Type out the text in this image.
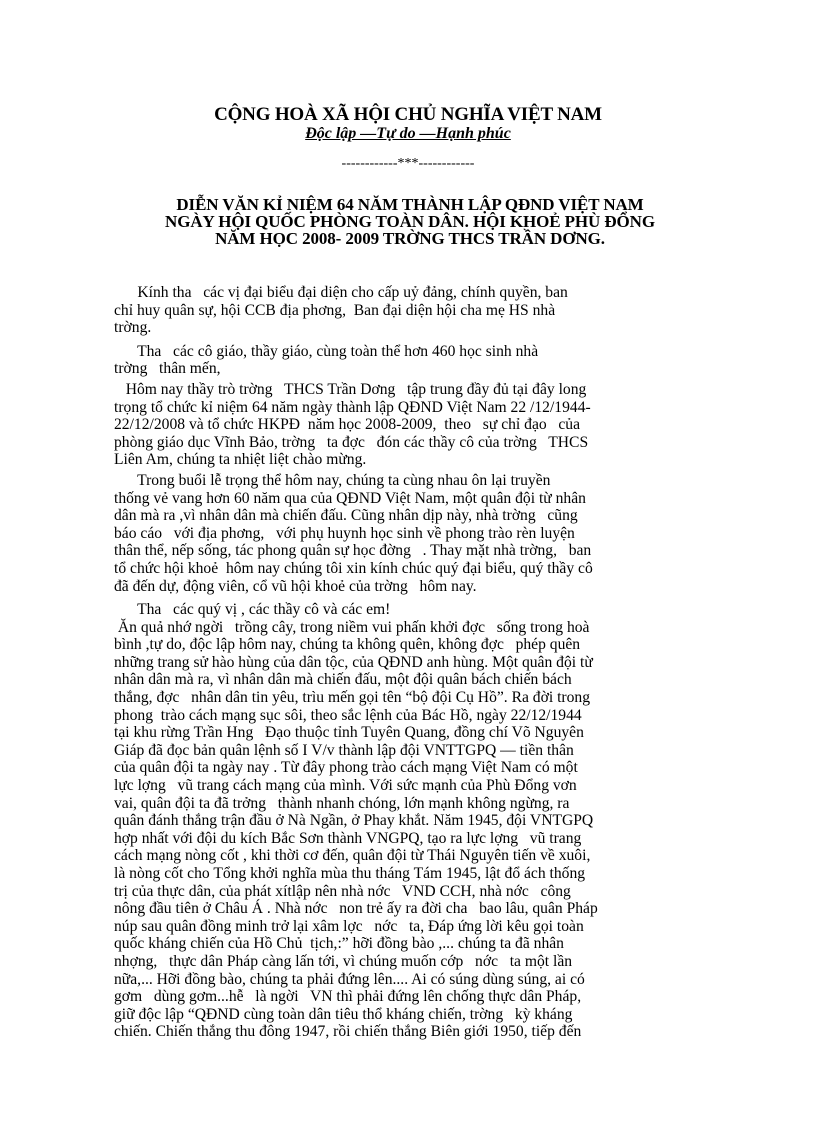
CỘNG HOÀ XÃ HỘI CHỦ NGHĨA VIỆT NAM
Độc lập —Tự do —Hạnh phúc
------------***------------
DIỄN VĂN KỈ NIỆM 64 NĂM THÀNH LẬP QĐND VIỆT NAM
NGÀY HỘI QUỐC PHÒNG TOÀN DÂN. HỘI KHOẺ PHÙ ĐỔNG
NĂM HỌC 2008- 2009 TRỜNG THCS TRẦN DƠNG.
Kính tha   các vị đại biểu đại diện cho cấp uỷ đảng, chính quyền, ban
chỉ huy quân sự, hội CCB địa phơng,  Ban đại diện hội cha mẹ HS nhà
trờng.
Tha   các cô giáo, thầy giáo, cùng toàn thể hơn 460 học sinh nhà
trờng   thân mến,
Hôm nay thầy trò trờng   THCS Trần Dơng   tập trung đầy đủ tại đây long
trọng tổ chức kỉ niệm 64 năm ngày thành lập QĐND Việt Nam 22 /12/1944-
22/12/2008 và tổ chức HKPĐ  năm học 2008-2009,  theo   sự chỉ đạo   của
phòng giáo dục Vĩnh Bảo, trờng   ta đợc   đón các thầy cô của trờng   THCS
Liên Am, chúng ta nhiệt liệt chào mừng.
Trong buổi lễ trọng thể hôm nay, chúng ta cùng nhau ôn lại truyền
thống vẻ vang hơn 60 năm qua của QĐND Việt Nam, một quân đội từ nhân
dân mà ra ,vì nhân dân mà chiến đấu. Cũng nhân dịp này, nhà trờng   cũng
báo cáo   với địa phơng,   với phụ huynh học sinh về phong trào rèn luyện
thân thể, nếp sống, tác phong quân sự học đờng   . Thay mặt nhà trờng,   ban
tổ chức hội khoẻ  hôm nay chúng tôi xin kính chúc quý đại biểu, quý thầy cô
đã đến dự, động viên, cổ vũ hội khoẻ của trờng   hôm nay.
Tha   các quý vị , các thầy cô và các em!
Ăn quả nhớ ngời   trồng cây, trong niềm vui phấn khởi đợc   sống trong hoà
bình ,tự do, độc lập hôm nay, chúng ta không quên, không đợc   phép quên
những trang sử hào hùng của dân tộc, của QĐND anh hùng. Một quân đội từ
nhân dân mà ra, vì nhân dân mà chiến đấu, một đội quân bách chiến bách
thắng, đợc   nhân dân tin yêu, trìu mến gọi tên “bộ đội Cụ Hồ”. Ra đời trong
phong  trào cách mạng sục sôi, theo sắc lệnh của Bác Hồ, ngày 22/12/1944
tại khu rừng Trần Hng   Đạo thuộc tỉnh Tuyên Quang, đồng chí Võ Nguyên
Giáp đã đọc bản quân lệnh số I V/v thành lập đội VNTTGPQ — tiền thân
của quân đội ta ngày nay . Từ đây phong trào cách mạng Việt Nam có một
lực lợng   vũ trang cách mạng của mình. Với sức mạnh của Phù Đổng vơn
vai, quân đội ta đã trởng   thành nhanh chóng, lớn mạnh không ngừng, ra
quân đánh thắng trận đầu ở Nà Ngần, ở Phay khắt. Năm 1945, đội VNTGPQ
hợp nhất với đội du kích Bắc Sơn thành VNGPQ, tạo ra lực lợng   vũ trang
cách mạng nòng cốt , khi thời cơ đến, quân đội từ Thái Nguyên tiến về xuôi,
là nòng cốt cho Tổng khởi nghĩa mùa thu tháng Tám 1945, lật đổ ách thống
trị của thực dân, của phát xítlập nên nhà nớc   VND CCH, nhà nớc   công
nông đầu tiên ở Châu Á . Nhà nớc   non trẻ ấy ra đời cha   bao lâu, quân Pháp
núp sau quân đồng minh trở lại xâm lợc   nớc   ta, Đáp ứng lời kêu gọi toàn
quốc kháng chiến của Hồ Chủ  tịch,:” hỡi đồng bào ,... chúng ta đã nhân
nhợng,   thực dân Pháp càng lấn tới, vì chúng muốn cớp   nớc   ta một lần
nữa,... Hỡi đồng bào, chúng ta phải đứng lên.... Ai có súng dùng súng, ai có
gơm   dùng gơm...hễ   là ngời   VN thì phải đứng lên chống thực dân Pháp,
giữ độc lập “QĐND cùng toàn dân tiêu thổ kháng chiến, trờng   kỳ kháng
chiến. Chiến thắng thu đông 1947, rồi chiến thắng Biên giới 1950, tiếp đến
